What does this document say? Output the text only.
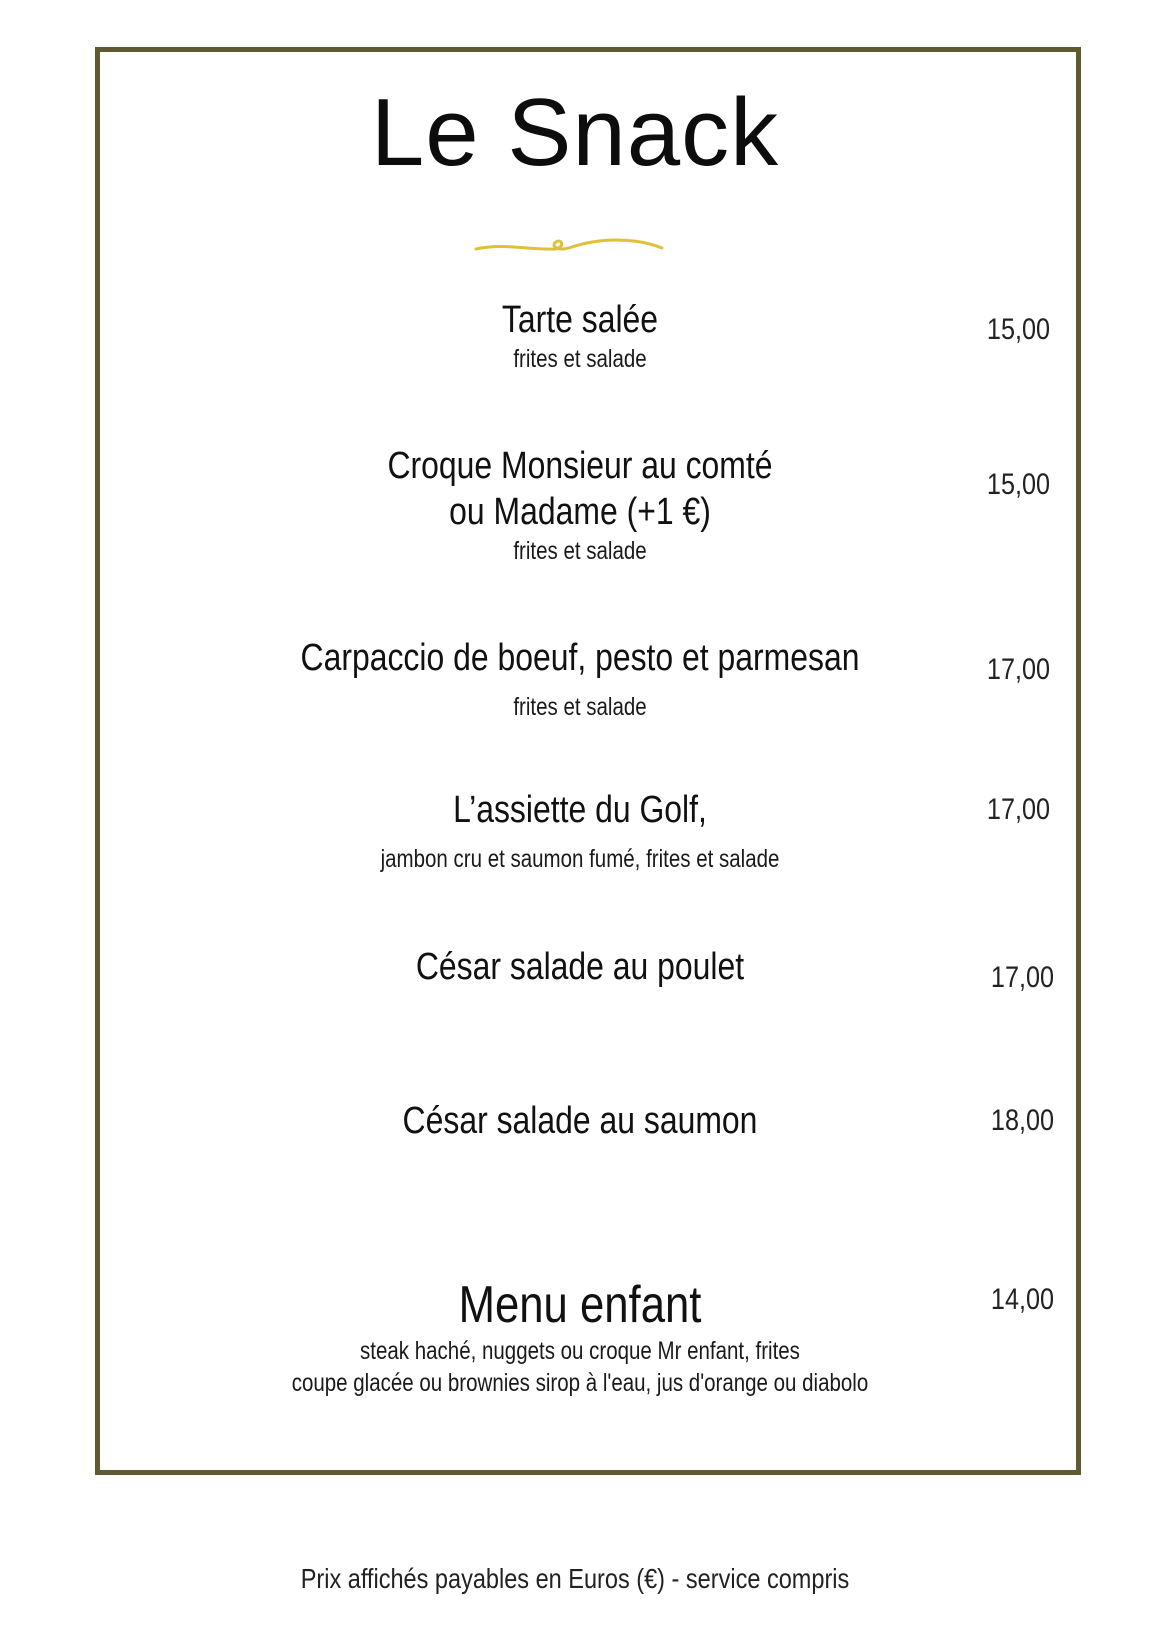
Le Snack
Tarte salée
frites et salade
15,00
Croque Monsieur au comté
ou Madame (+1 €)
frites et salade
15,00
Carpaccio de boeuf, pesto et parmesan
frites et salade
17,00
L’assiette du Golf,
jambon cru et saumon fumé, frites et salade
17,00
César salade au poulet	17,00
César salade au saumon	18,00
Menu enfant
steak haché, nuggets ou croque Mr enfant, frites
coupe glacée ou brownies sirop à l'eau, jus d'orange ou diabolo
14,00
Prix affichés payables en Euros (€) - service compris
